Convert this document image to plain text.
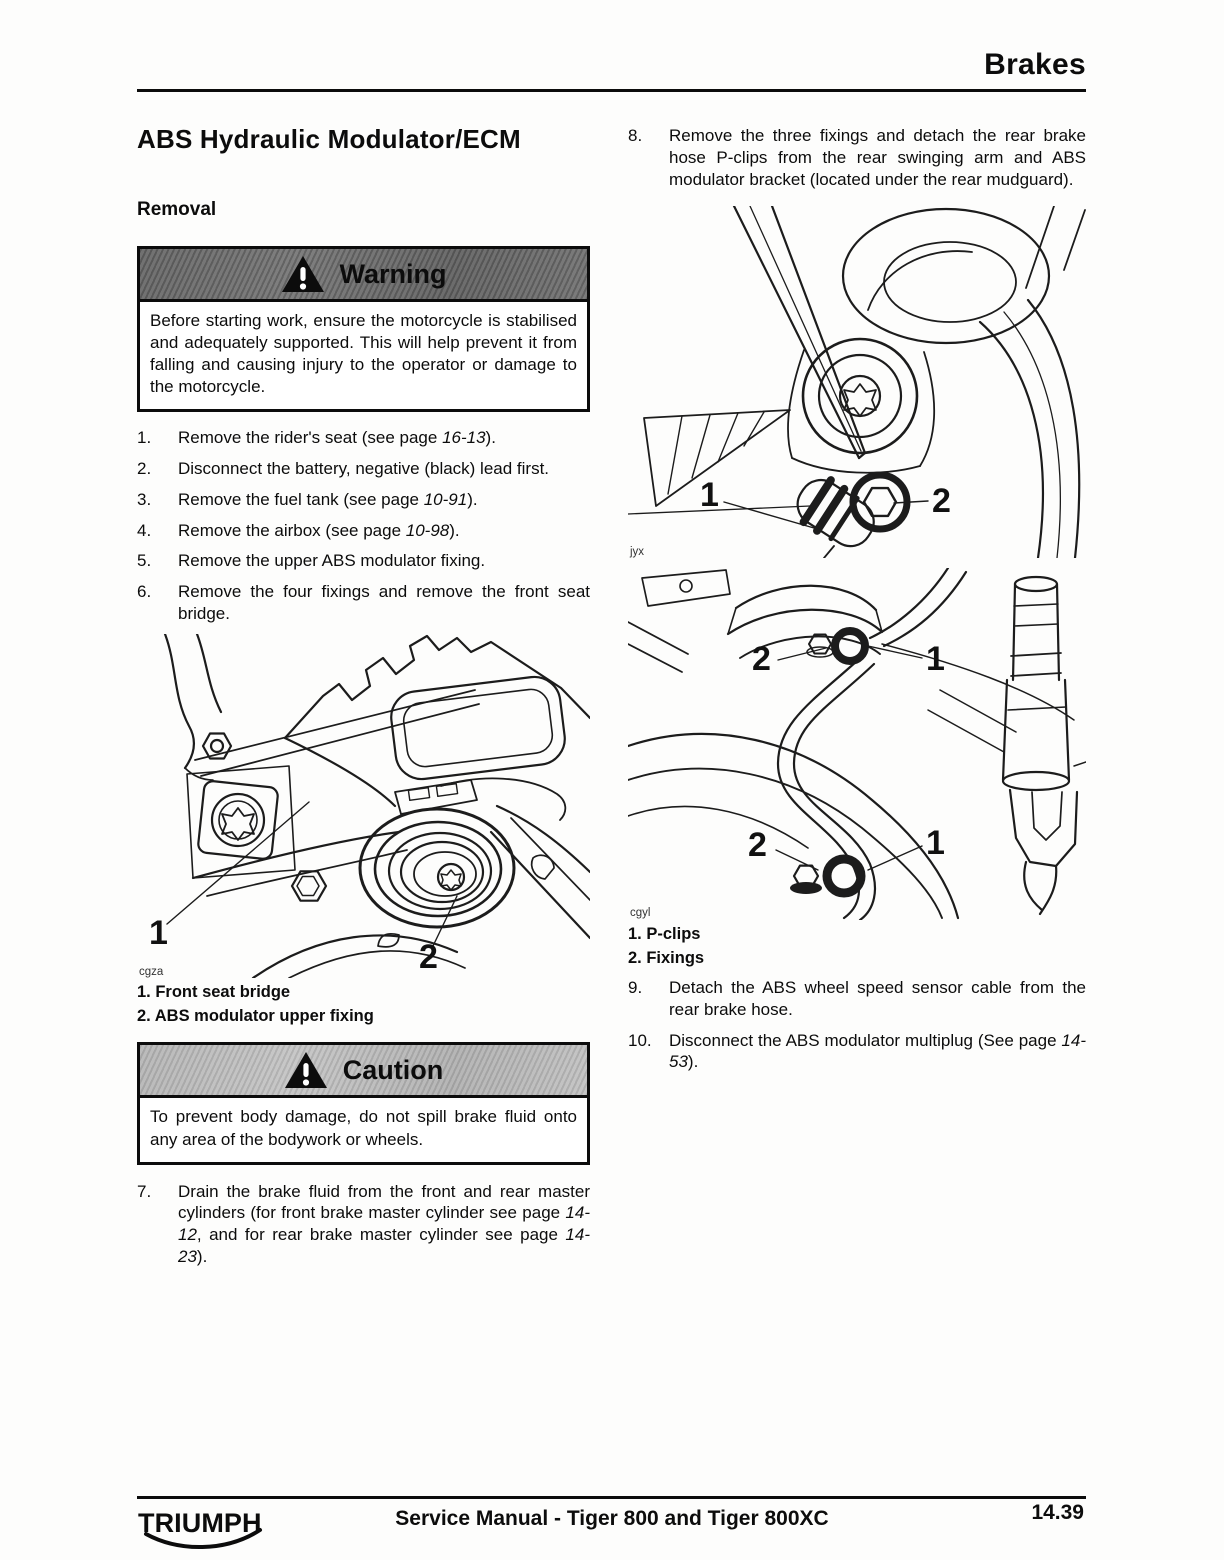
Brakes
ABS Hydraulic Modulator/ECM
Removal
Warning
Before starting work, ensure the motorcycle is stabilised and adequately supported. This will help prevent it from falling and causing injury to the operator or damage to the motorcycle.
1.	Remove the rider's seat (see page 16-13).
2.	Disconnect the battery, negative (black) lead first.
3.	Remove the fuel tank (see page 10-91).
4.	Remove the airbox (see page 10-98).
5.	Remove the upper ABS modulator fixing.
6.	Remove the four fixings and remove the front seat bridge.
1
2
cgza
1. Front seat bridge
2. ABS modulator upper fixing
Caution
To prevent body damage, do not spill brake fluid onto any area of the bodywork or wheels.
7.	Drain the brake fluid from the front and rear master cylinders (for front brake master cylinder see page 14-12, and for rear brake master cylinder see page 14-23).
8.	Remove the three fixings and detach the rear brake hose P-clips from the rear swinging arm and ABS modulator bracket (located under the rear mudguard).
1	2
jyx
2	1
2	1
cgyl
1. P-clips
2. Fixings
9.	Detach the ABS wheel speed sensor cable from the rear brake hose.
10.	Disconnect the ABS modulator multiplug (See page 14-53).
TRIUMPH	Service Manual - Tiger 800 and Tiger 800XC	14.39
